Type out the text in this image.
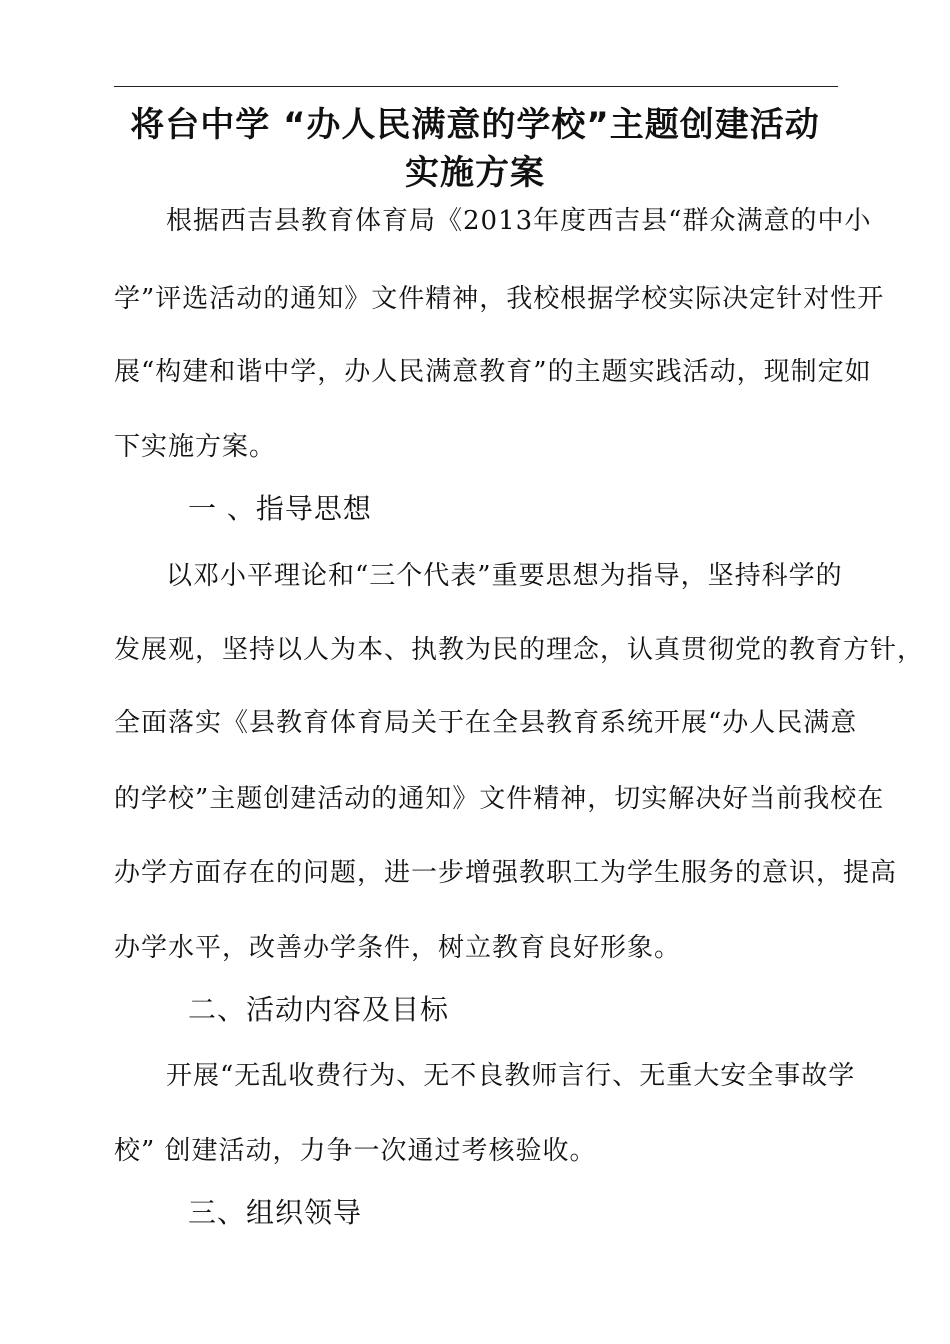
将台中学 “办人民满意的学校”主题创建活动
实施方案
根据西吉县教育体育局《2013年度西吉县“群众满意的中小
学”评选活动的通知》文件精神，我校根据学校实际决定针对性开
展“构建和谐中学，办人民满意教育”的主题实践活动，现制定如
下实施方案。
一 、指导思想
以邓小平理论和“三个代表”重要思想为指导，坚持科学的
发展观，坚持以人为本、执教为民的理念，认真贯彻党的教育方针，
全面落实《县教育体育局关于在全县教育系统开展“办人民满意
的学校”主题创建活动的通知》文件精神，切实解决好当前我校在
办学方面存在的问题，进一步增强教职工为学生服务的意识，提高
办学水平，改善办学条件，树立教育良好形象。
二、活动内容及目标
开展“无乱收费行为、无不良教师言行、无重大安全事故学
校” 创建活动，力争一次通过考核验收。
三、组织领导
